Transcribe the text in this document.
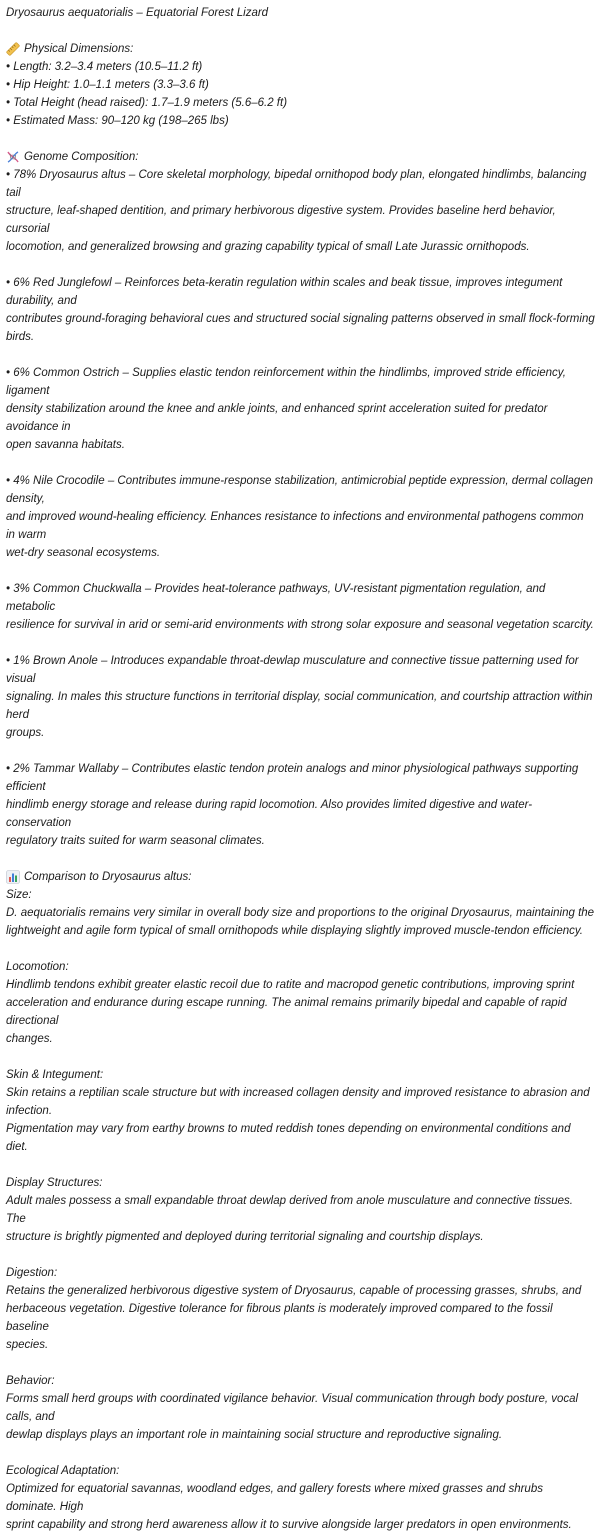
Dryosaurus aequatorialis – Equatorial Forest Lizard
Physical Dimensions:
• Length: 3.2–3.4 meters (10.5–11.2 ft)
• Hip Height: 1.0–1.1 meters (3.3–3.6 ft)
• Total Height (head raised): 1.7–1.9 meters (5.6–6.2 ft)
• Estimated Mass: 90–120 kg (198–265 lbs)
Genome Composition:
• 78% Dryosaurus altus – Core skeletal morphology, bipedal ornithopod body plan, elongated hindlimbs, balancing tail
structure, leaf-shaped dentition, and primary herbivorous digestive system. Provides baseline herd behavior, cursorial
locomotion, and generalized browsing and grazing capability typical of small Late Jurassic ornithopods.
• 6% Red Junglefowl – Reinforces beta-keratin regulation within scales and beak tissue, improves integument durability, and
contributes ground-foraging behavioral cues and structured social signaling patterns observed in small flock-forming birds.
• 6% Common Ostrich – Supplies elastic tendon reinforcement within the hindlimbs, improved stride efficiency, ligament
density stabilization around the knee and ankle joints, and enhanced sprint acceleration suited for predator avoidance in
open savanna habitats.
• 4% Nile Crocodile – Contributes immune-response stabilization, antimicrobial peptide expression, dermal collagen density,
and improved wound-healing efficiency. Enhances resistance to infections and environmental pathogens common in warm
wet-dry seasonal ecosystems.
• 3% Common Chuckwalla – Provides heat-tolerance pathways, UV-resistant pigmentation regulation, and metabolic
resilience for survival in arid or semi-arid environments with strong solar exposure and seasonal vegetation scarcity.
• 1% Brown Anole – Introduces expandable throat-dewlap musculature and connective tissue patterning used for visual
signaling. In males this structure functions in territorial display, social communication, and courtship attraction within herd
groups.
• 2% Tammar Wallaby – Contributes elastic tendon protein analogs and minor physiological pathways supporting efficient
hindlimb energy storage and release during rapid locomotion. Also provides limited digestive and water-conservation
regulatory traits suited for warm seasonal climates.
Comparison to Dryosaurus altus:
Size:
D. aequatorialis remains very similar in overall body size and proportions to the original Dryosaurus, maintaining the
lightweight and agile form typical of small ornithopods while displaying slightly improved muscle-tendon efficiency.
Locomotion:
Hindlimb tendons exhibit greater elastic recoil due to ratite and macropod genetic contributions, improving sprint
acceleration and endurance during escape running. The animal remains primarily bipedal and capable of rapid directional
changes.
Skin & Integument:
Skin retains a reptilian scale structure but with increased collagen density and improved resistance to abrasion and infection.
Pigmentation may vary from earthy browns to muted reddish tones depending on environmental conditions and diet.
Display Structures:
Adult males possess a small expandable throat dewlap derived from anole musculature and connective tissues. The
structure is brightly pigmented and deployed during territorial signaling and courtship displays.
Digestion:
Retains the generalized herbivorous digestive system of Dryosaurus, capable of processing grasses, shrubs, and
herbaceous vegetation. Digestive tolerance for fibrous plants is moderately improved compared to the fossil baseline
species.
Behavior:
Forms small herd groups with coordinated vigilance behavior. Visual communication through body posture, vocal calls, and
dewlap displays plays an important role in maintaining social structure and reproductive signaling.
Ecological Adaptation:
Optimized for equatorial savannas, woodland edges, and gallery forests where mixed grasses and shrubs dominate. High
sprint capability and strong herd awareness allow it to survive alongside larger predators in open environments.
